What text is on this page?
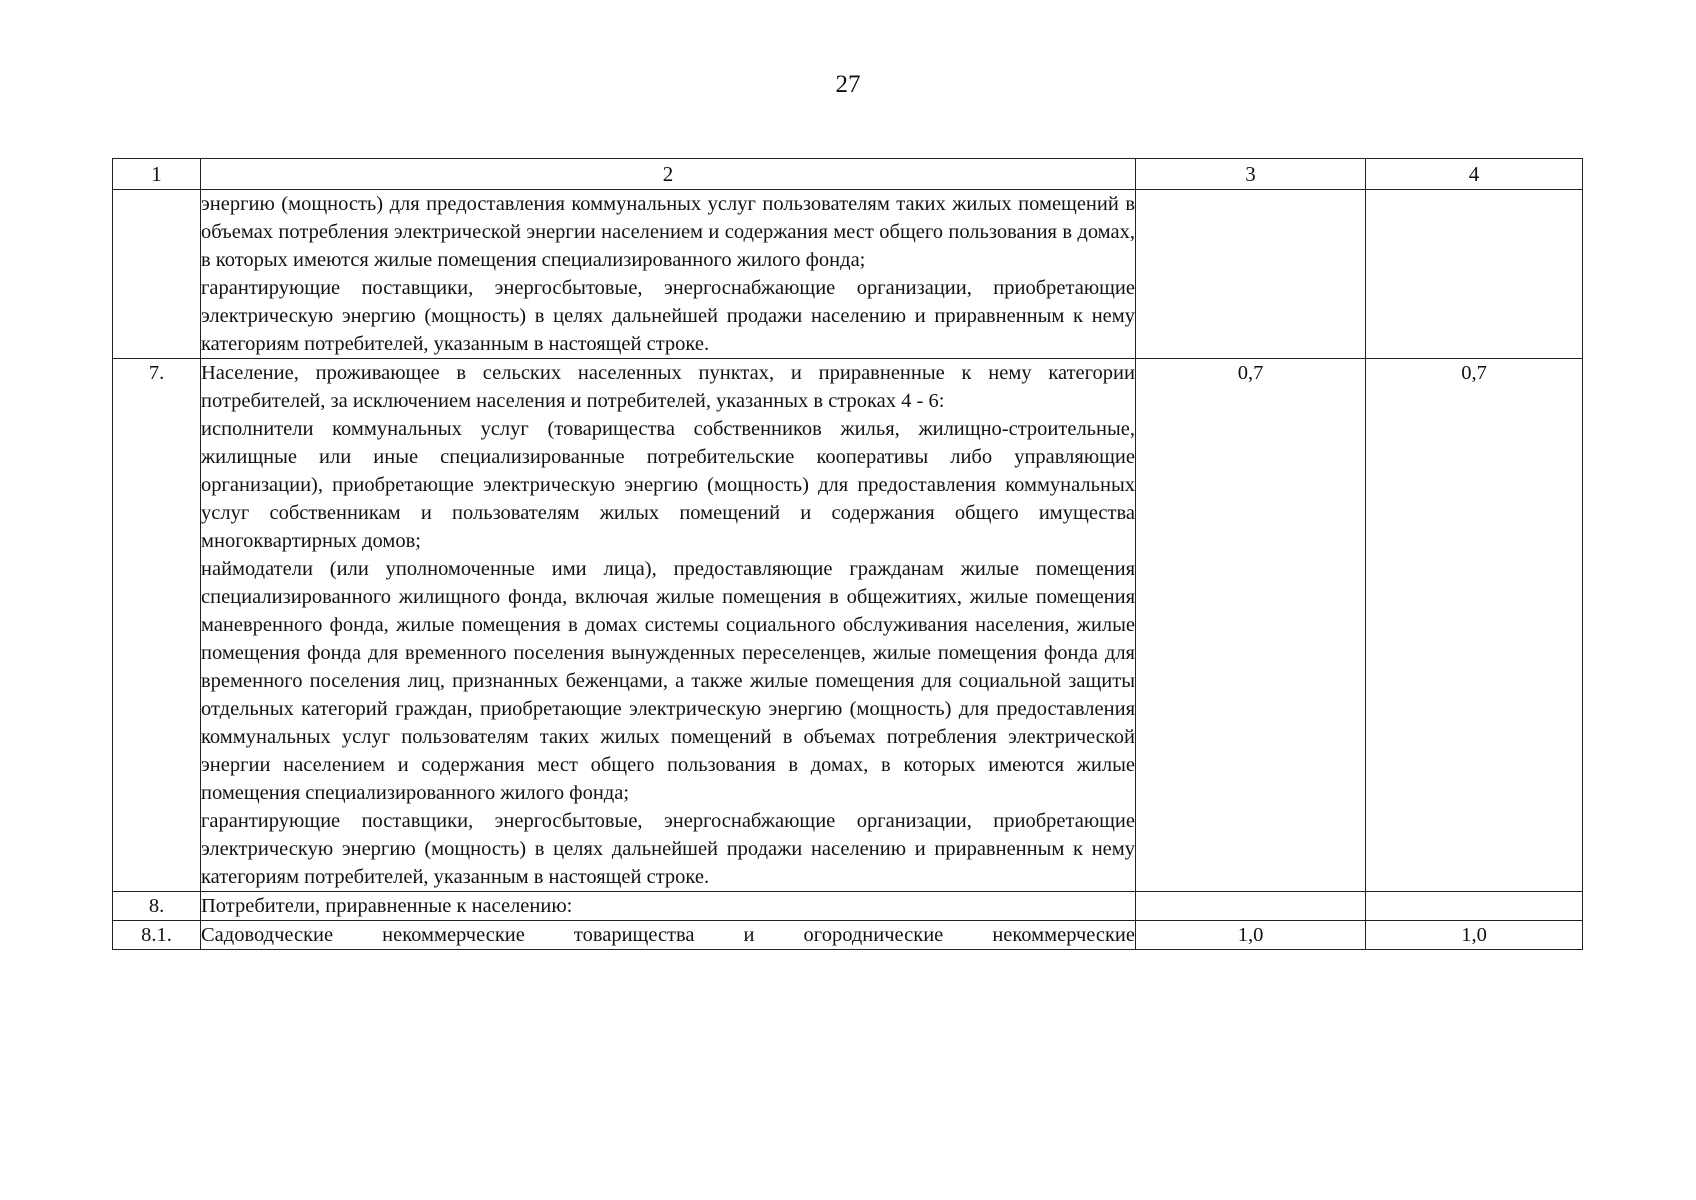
27
1	2	3	4

	энергию (мощность) для предоставления коммунальных услуг пользователям таких жилых помещений в объемах потребления электрической энергии населением и содержания мест общего пользования в домах, в которых имеются жилые помещения специализированного жилого фонда;

гарантирующие поставщики, энергосбытовые, энергоснабжающие организации, приобретающие электрическую энергию (мощность) в целях дальнейшей продажи населению и приравненным к нему категориям потребителей, указанным в настоящей строке.		

7.	Население, проживающее в сельских населенных пунктах, и приравненные к нему категории потребителей, за исключением населения и потребителей, указанных в строках 4 - 6:

исполнители коммунальных услуг (товарищества собственников жилья, жилищно-строительные, жилищные или иные специализированные потребительские кооперативы либо управляющие организации), приобретающие электрическую энергию (мощность) для предоставления коммунальных услуг собственникам и пользователям жилых помещений и содержания общего имущества многоквартирных домов;

наймодатели (или уполномоченные ими лица), предоставляющие гражданам жилые помещения специализированного жилищного фонда, включая жилые помещения в общежитиях, жилые помещения маневренного фонда, жилые помещения в домах системы социального обслуживания населения, жилые помещения фонда для временного поселения вынужденных переселенцев, жилые помещения фонда для временного поселения лиц, признанных беженцами, а также жилые помещения для социальной защиты отдельных категорий граждан, приобретающие электрическую энергию (мощность) для предоставления коммунальных услуг пользователям таких жилых помещений в объемах потребления электрической энергии населением и содержания мест общего пользования в домах, в которых имеются жилые помещения специализированного жилого фонда;

гарантирующие поставщики, энергосбытовые, энергоснабжающие организации, приобретающие электрическую энергию (мощность) в целях дальнейшей продажи населению и приравненным к нему категориям потребителей, указанным в настоящей строке.	0,7	0,7
8.	Потребители, приравненные к населению:		

8.1.	Садоводческие некоммерческие товарищества и огороднические некоммерческие	1,0	1,0
